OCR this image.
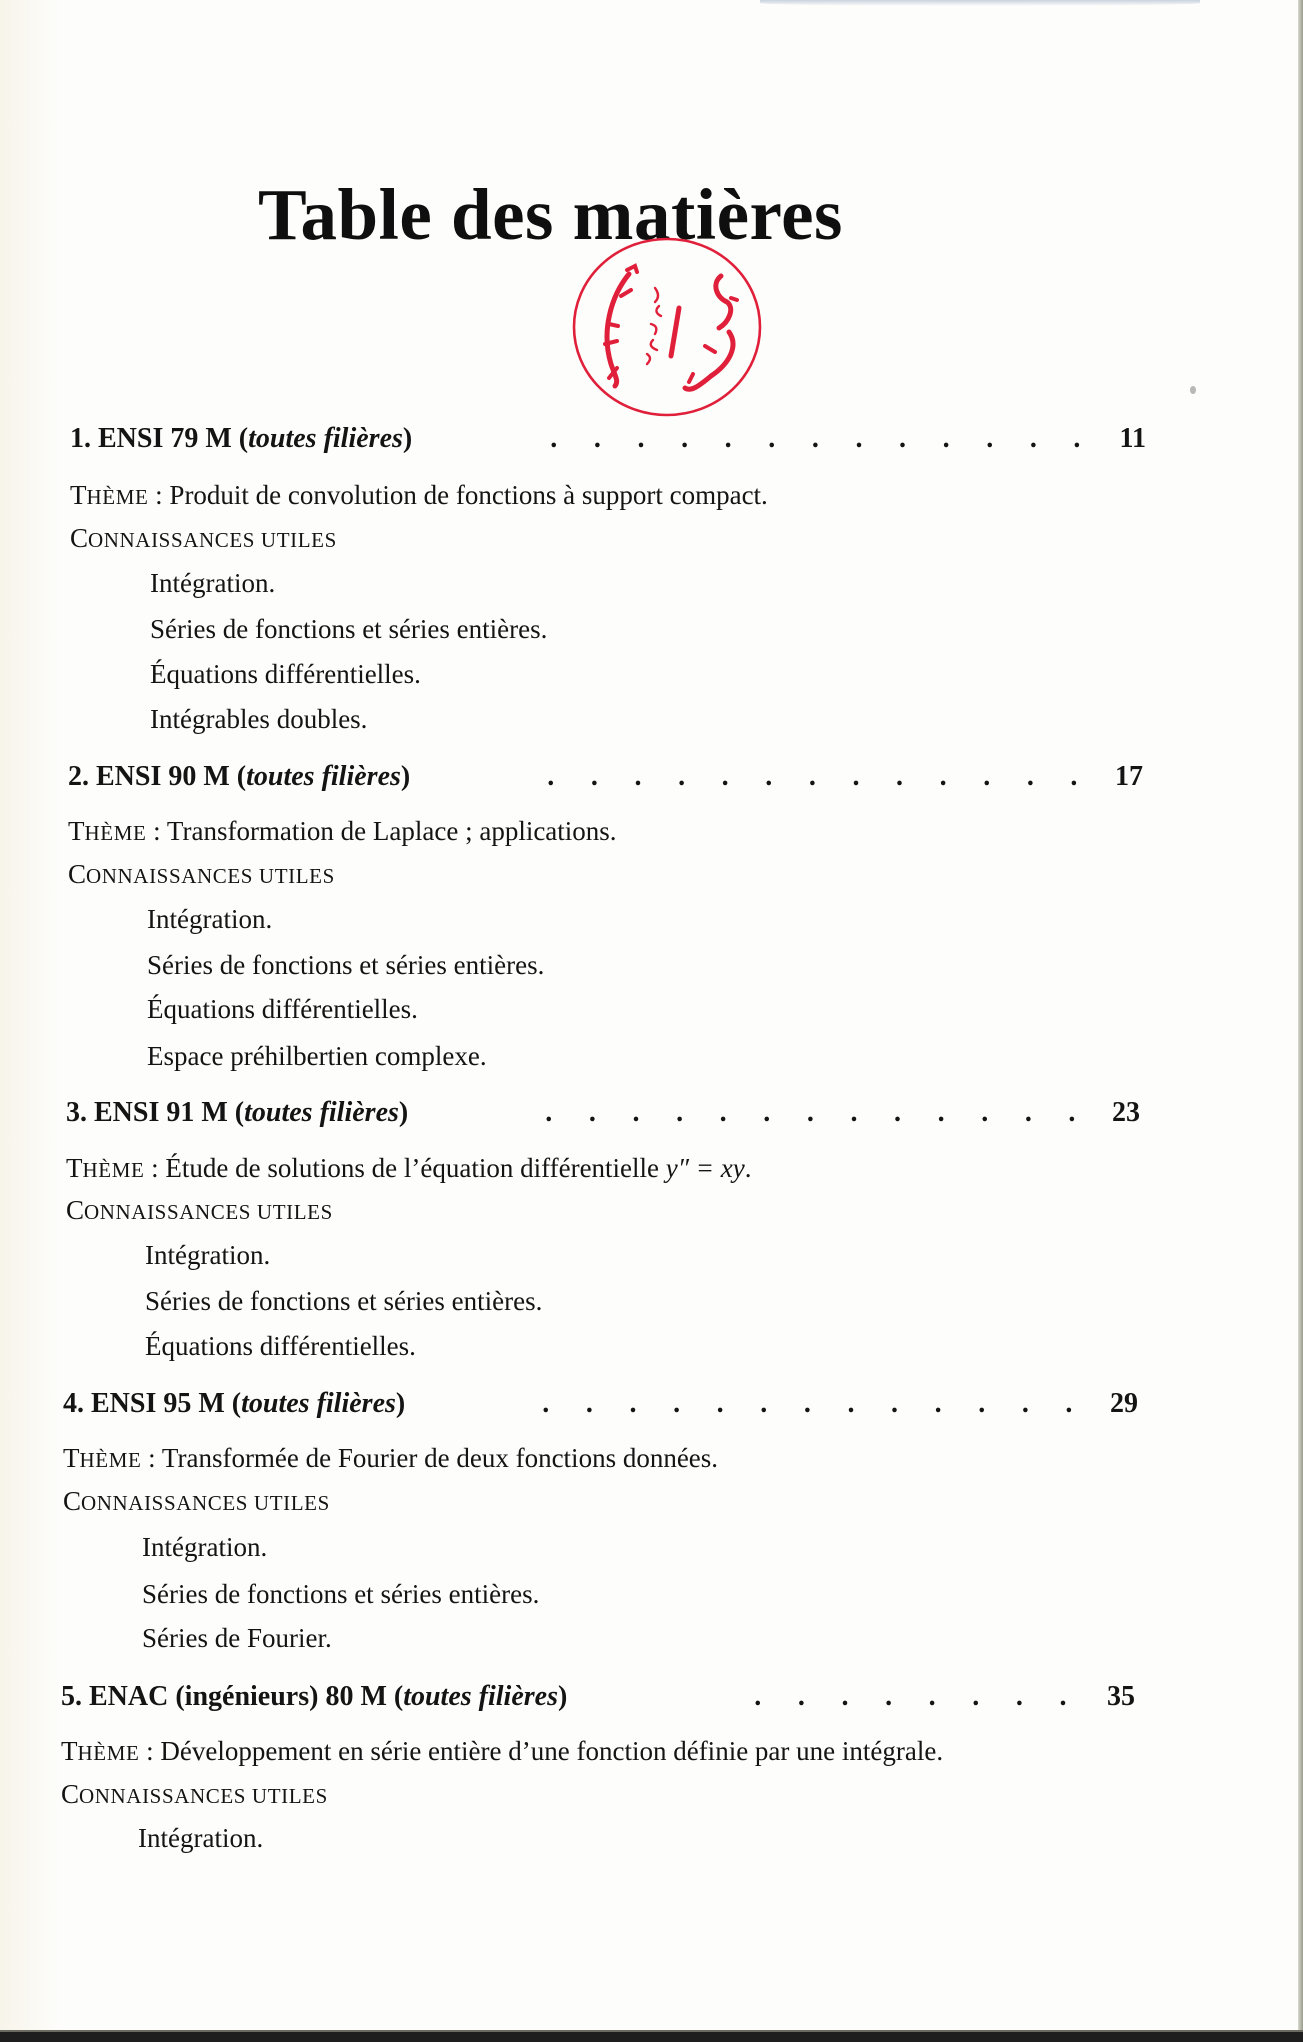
Table des matières
1. ENSI 79 M (toutes filières)	. . . . . . . . . . . . .	11
THÈME : Produit de convolution de fonctions à support compact.
CONNAISSANCES UTILES
Intégration.
Séries de fonctions et séries entières.
Équations différentielles.
Intégrables doubles.
2. ENSI 90 M (toutes filières)	. . . . . . . . . . . . .	17
THÈME : Transformation de Laplace ; applications.
CONNAISSANCES UTILES
Intégration.
Séries de fonctions et séries entières.
Équations différentielles.
Espace préhilbertien complexe.
3. ENSI 91 M (toutes filières)	. . . . . . . . . . . . .	23
THÈME : Étude de solutions de l’équation différentielle y″ = xy.
CONNAISSANCES UTILES
Intégration.
Séries de fonctions et séries entières.
Équations différentielles.
4. ENSI 95 M (toutes filières)	. . . . . . . . . . . . .	29
THÈME : Transformée de Fourier de deux fonctions données.
CONNAISSANCES UTILES
Intégration.
Séries de fonctions et séries entières.
Séries de Fourier.
5. ENAC (ingénieurs) 80 M (toutes filières)	. . . . . . . .	35
THÈME : Développement en série entière d’une fonction définie par une intégrale.
CONNAISSANCES UTILES
Intégration.
